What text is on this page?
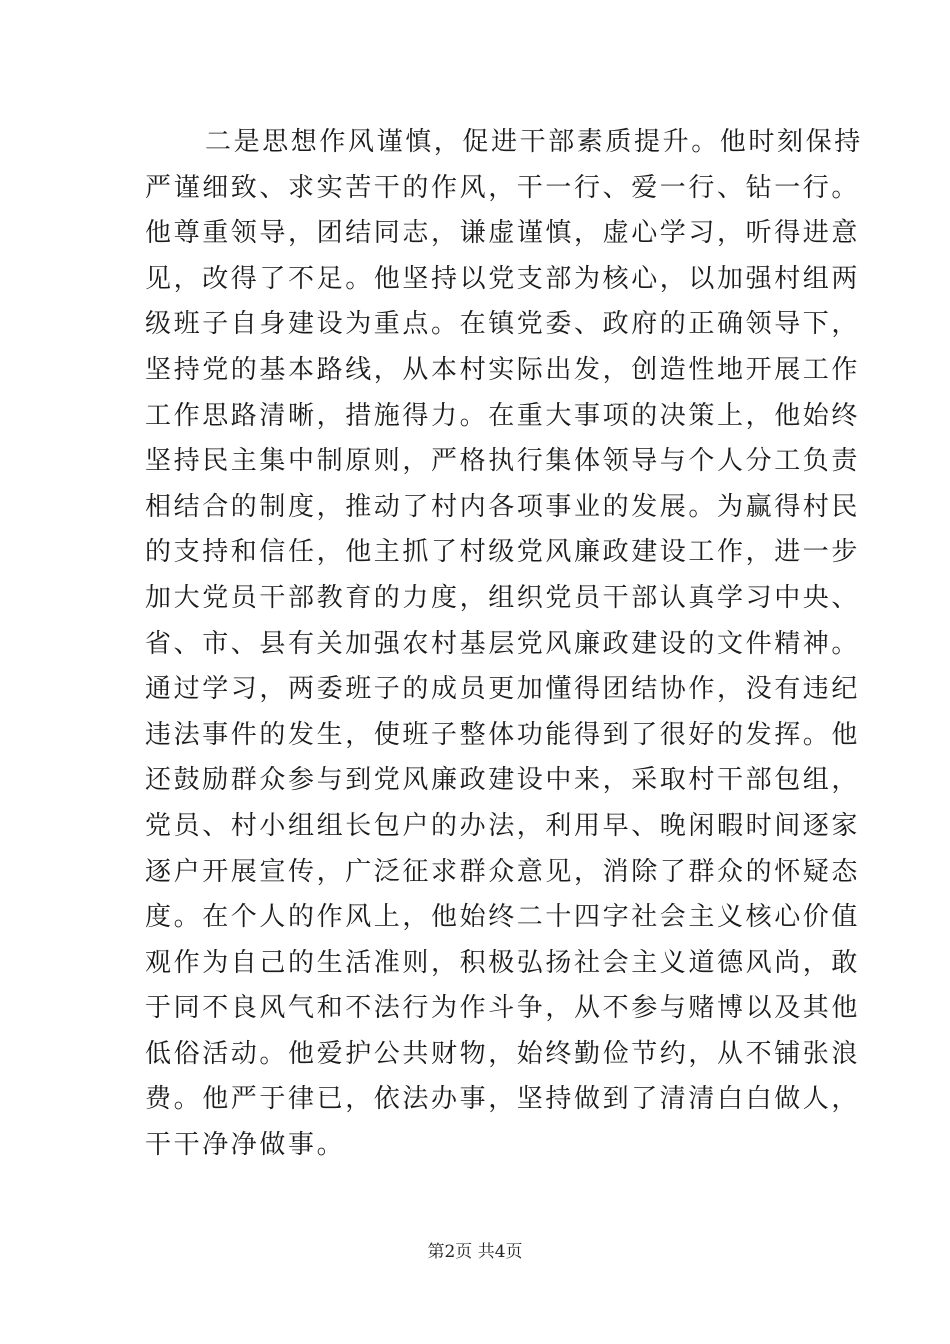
二是思想作风谨慎，促进干部素质提升。他时刻保持
严谨细致、求实苦干的作风，干一行、爱一行、钻一行。
他尊重领导，团结同志，谦虚谨慎，虚心学习，听得进意
见，改得了不足。他坚持以党支部为核心，以加强村组两
级班子自身建设为重点。在镇党委、政府的正确领导下，
坚持党的基本路线，从本村实际出发，创造性地开展工作
工作思路清晰，措施得力。在重大事项的决策上，他始终
坚持民主集中制原则，严格执行集体领导与个人分工负责
相结合的制度，推动了村内各项事业的发展。为赢得村民
的支持和信任，他主抓了村级党风廉政建设工作，进一步
加大党员干部教育的力度，组织党员干部认真学习中央、
省、市、县有关加强农村基层党风廉政建设的文件精神。
通过学习，两委班子的成员更加懂得团结协作，没有违纪
违法事件的发生，使班子整体功能得到了很好的发挥。他
还鼓励群众参与到党风廉政建设中来，采取村干部包组，
党员、村小组组长包户的办法，利用早、晚闲暇时间逐家
逐户开展宣传，广泛征求群众意见，消除了群众的怀疑态
度。在个人的作风上，他始终二十四字社会主义核心价值
观作为自己的生活准则，积极弘扬社会主义道德风尚，敢
于同不良风气和不法行为作斗争，从不参与赌博以及其他
低俗活动。他爱护公共财物，始终勤俭节约，从不铺张浪
费。他严于律已，依法办事，坚持做到了清清白白做人，
干干净净做事。
第2页 共4页
